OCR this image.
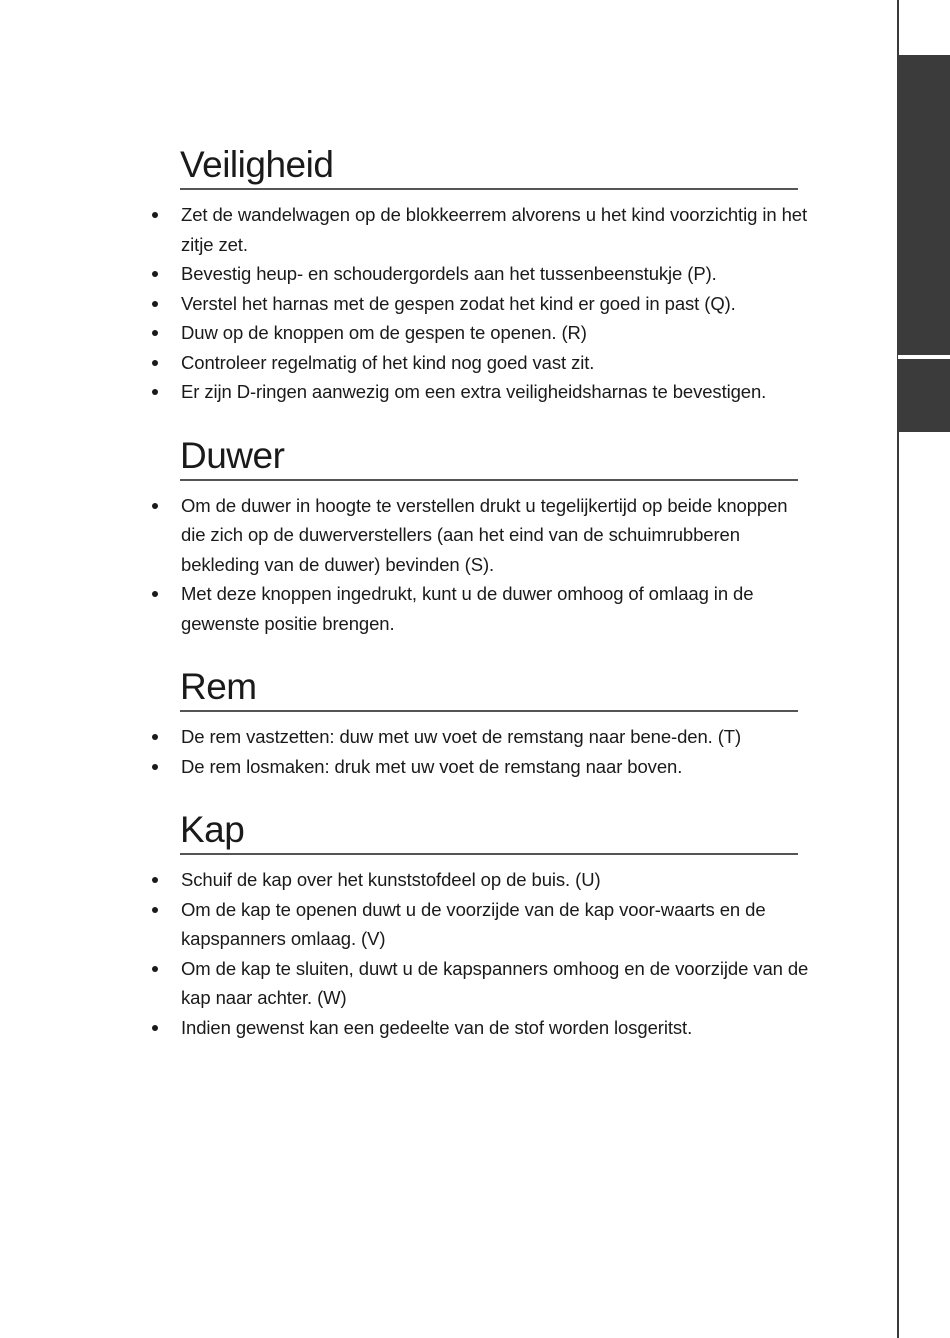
Veiligheid
Zet de wandelwagen op de blokkeerrem alvorens u het kind voorzichtig in het zitje zet.
Bevestig heup- en schoudergordels aan het tussenbeenstukje (P).
Verstel het harnas met de gespen zodat het kind er goed in past (Q).
Duw op de knoppen om de gespen te openen. (R)
Controleer regelmatig of het kind nog goed vast zit.
Er zijn D-ringen aanwezig om een extra veiligheidsharnas te bevestigen.
Duwer
Om de duwer in hoogte te verstellen drukt u tegelijkertijd op beide knoppen die zich op de duwerverstellers (aan het eind van de schuimrubberen bekleding van de duwer) bevinden (S).
Met deze knoppen ingedrukt, kunt u de duwer omhoog of omlaag in de gewenste positie brengen.
Rem
De rem vastzetten: duw met uw voet de remstang naar bene-den. (T)
De rem losmaken: druk met uw voet de remstang naar boven.
Kap
Schuif de kap over het kunststofdeel op de buis. (U)
Om de kap te openen duwt u de voorzijde van de kap voor-waarts en de kapspanners omlaag. (V)
Om de kap te sluiten, duwt u de kapspanners omhoog en de voorzijde van de kap naar achter. (W)
Indien gewenst kan een gedeelte van de stof worden losgeritst.
